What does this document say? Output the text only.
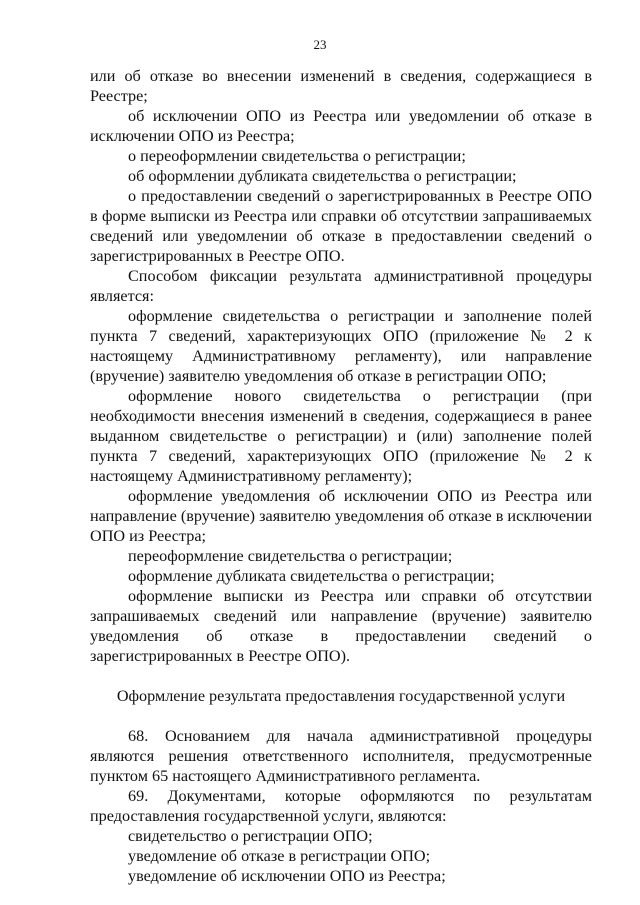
23

или об отказе во внесении изменений в сведения, содержащиеся в Реестре;

об исключении ОПО из Реестра или уведомлении об отказе в исключении ОПО из Реестра;

о переоформлении свидетельства о регистрации;

об оформлении дубликата свидетельства о регистрации;

о предоставлении сведений о зарегистрированных в Реестре ОПО в форме выписки из Реестра или справки об отсутствии запрашиваемых сведений или уведомлении об отказе в предоставлении сведений о зарегистрированных в Реестре ОПО.

Способом фиксации результата административной процедуры является:

оформление свидетельства о регистрации и заполнение полей пункта 7 сведений, характеризующих ОПО (приложение № 2 к настоящему Административному регламенту), или направление (вручение) заявителю уведомления об отказе в регистрации ОПО;

оформление нового свидетельства о регистрации (при необходимости внесения изменений в сведения, содержащиеся в ранее выданном свидетельстве о регистрации) и (или) заполнение полей пункта 7 сведений, характеризующих ОПО (приложение № 2 к настоящему Административному регламенту);

оформление уведомления об исключении ОПО из Реестра или направление (вручение) заявителю уведомления об отказе в исключении ОПО из Реестра;

переоформление свидетельства о регистрации;

оформление дубликата свидетельства о регистрации;

оформление выписки из Реестра или справки об отсутствии запрашиваемых сведений или направление (вручение) заявителю уведомления об отказе в предоставлении сведений о зарегистрированных в Реестре ОПО).

Оформление результата предоставления государственной услуги

68. Основанием для начала административной процедуры являются решения ответственного исполнителя, предусмотренные пунктом 65 настоящего Административного регламента.

69. Документами, которые оформляются по результатам предоставления государственной услуги, являются:

свидетельство о регистрации ОПО;

уведомление об отказе в регистрации ОПО;

уведомление об исключении ОПО из Реестра;
